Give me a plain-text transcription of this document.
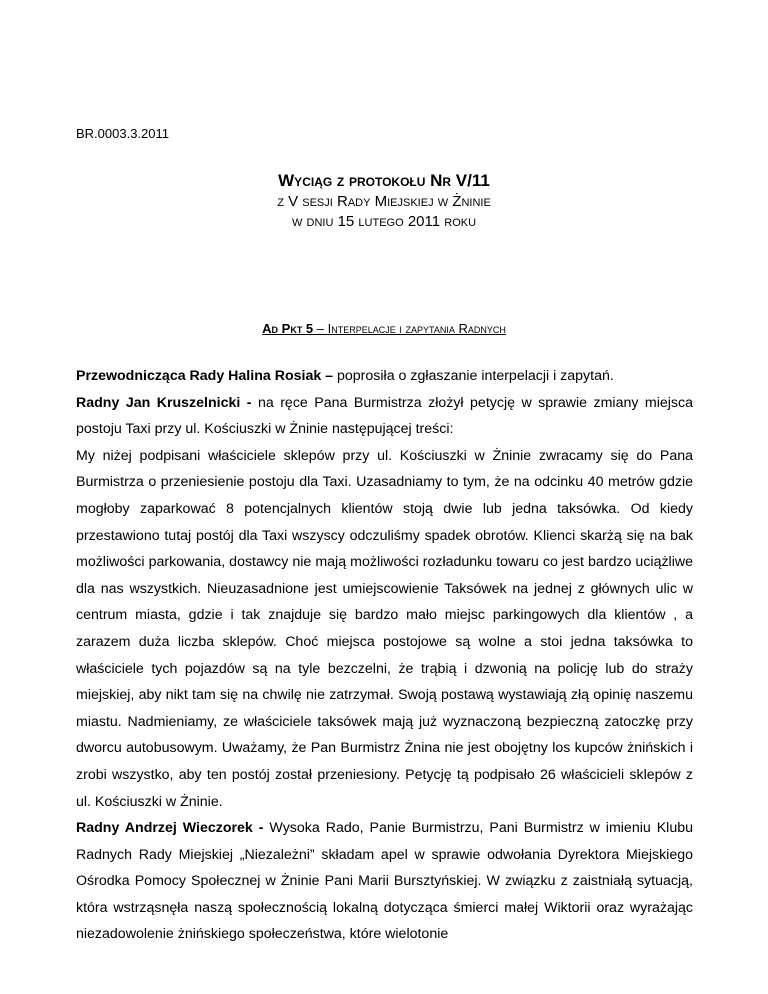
BR.0003.3.2011
Wyciąg z protokołu Nr V/11
z V sesji Rady Miejskiej w Żninie
w dniu 15 lutego 2011 roku
Ad Pkt 5 – Interpelacje i zapytania Radnych

Przewodnicząca Rady Halina Rosiak – poprosiła o zgłaszanie interpelacji i zapytań.

Radny Jan Kruszelnicki - na ręce Pana Burmistrza złożył petycję w sprawie zmiany miejsca postoju Taxi przy ul. Kościuszki w Żninie następującej treści:

My niżej podpisani właściciele sklepów przy ul. Kościuszki w Żninie zwracamy się do Pana Burmistrza o przeniesienie postoju dla Taxi. Uzasadniamy to tym, że na odcinku 40 metrów gdzie mogłoby zaparkować 8 potencjalnych klientów stoją dwie lub jedna taksówka. Od kiedy przestawiono tutaj postój dla Taxi wszyscy odczuliśmy spadek obrotów. Klienci skarżą się na bak możliwości parkowania, dostawcy nie mają możliwości rozładunku towaru co jest bardzo uciążliwe dla nas wszystkich. Nieuzasadnione jest umiejscowienie Taksówek na jednej z głównych ulic w centrum miasta, gdzie i tak znajduje się bardzo mało miejsc parkingowych dla klientów , a zarazem duża liczba sklepów. Choć miejsca postojowe są wolne a stoi jedna taksówka to właściciele tych pojazdów są na tyle bezczelni, że trąbią i dzwonią na policję lub do straży miejskiej, aby nikt tam się na chwilę nie zatrzymał. Swoją postawą wystawiają złą opinię naszemu miastu. Nadmieniamy, ze właściciele taksówek mają już wyznaczoną bezpieczną zatoczkę przy dworcu autobusowym. Uważamy, że Pan Burmistrz Żnina nie jest obojętny los kupców żnińskich i zrobi wszystko, aby ten postój został przeniesiony. Petycję tą podpisało 26 właścicieli sklepów z ul. Kościuszki w Żninie.

Radny Andrzej Wieczorek - Wysoka Rado, Panie Burmistrzu, Pani Burmistrz w imieniu Klubu Radnych Rady Miejskiej „Niezależni” składam apel w sprawie odwołania Dyrektora Miejskiego Ośrodka Pomocy Społecznej w Żninie Pani Marii Bursztyńskiej. W związku z zaistniałą sytuacją, która wstrząsnęła naszą społecznością lokalną dotycząca śmierci małej Wiktorii oraz wyrażając niezadowolenie żnińskiego społeczeństwa, które wielotonie
